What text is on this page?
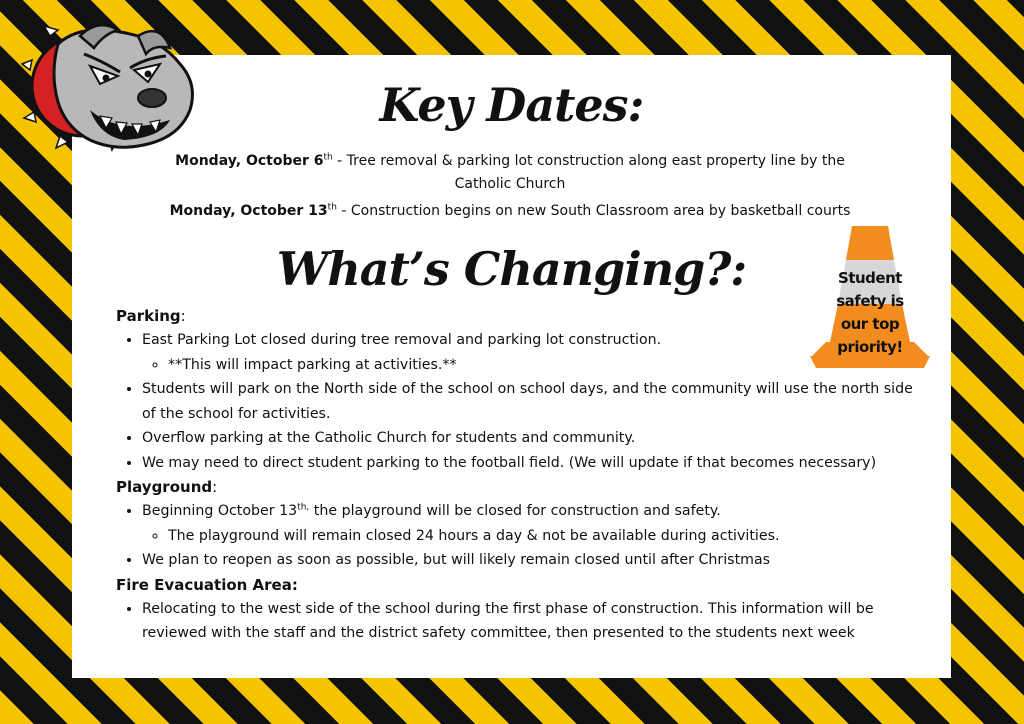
Student
safety is
our top
priority!
Key Dates:

Monday, October 6th - Tree removal & parking lot construction along east property line by the Catholic Church

Monday, October 13th - Construction begins on new South Classroom area by basketball courts

What’s Changing?:

Parking:

• East Parking Lot closed during tree removal and parking lot construction.
◦ **This will impact parking at activities.**
• Students will park on the North side of the school on school days, and the community will use the north side of the school for activities.
• Overflow parking at the Catholic Church for students and community.
• We may need to direct student parking to the football field. (We will update if that becomes necessary)

Playground:

• Beginning October $13^{th,}$ the playground will be closed for construction and safety.
◦ The playground will remain closed 24 hours a day & not be available during activities.
• We plan to reopen as soon as possible, but will likely remain closed until after Christmas

Fire Evacuation Area:

• Relocating to the west side of the school during the first phase of construction. This information will be reviewed with the staff and the district safety committee, then presented to the students next week
